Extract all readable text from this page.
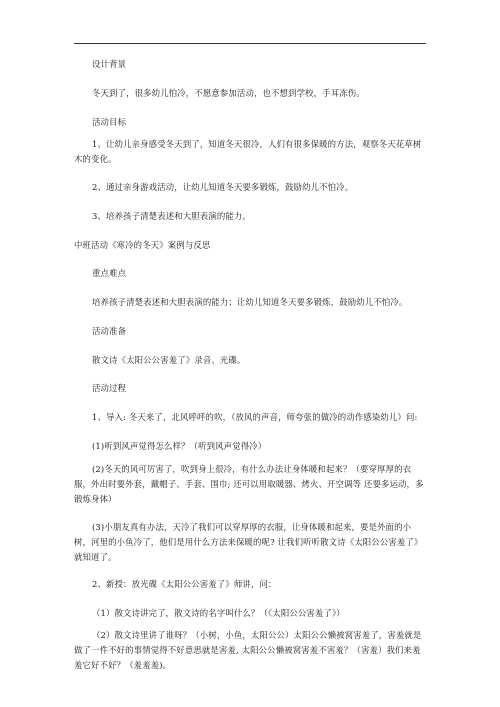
设计背景

冬天到了，很多幼儿怕冷，不愿意参加活动，也不想到学校，手耳冻伤。

活动目标

1、让幼儿亲身感受冬天到了，知道冬天很冷，人们有很多保暖的方法，观察冬天花草树木的变化。

2、通过亲身游戏活动，让幼儿知道冬天要多锻炼，鼓励幼儿不怕冷。

3、培养孩子清楚表述和大胆表演的能力。

中班活动《寒冷的冬天》案例与反思

重点难点

培养孩子清楚表述和大胆表演的能力；让幼儿知道冬天要多锻炼，鼓励幼儿不怕冷。

活动准备

散文诗《太阳公公害羞了》录音、光碟。

活动过程

1、导入: 冬天来了，北风呼呼的吹，（放风的声音，师夸张的做冷的动作感染幼儿）问:

(1)听到风声觉得怎么样？（听到风声觉得冷）

(2)冬天的风可厉害了，吹到身上很冷，有什么办法让身体暖和起来？（要穿厚厚的衣服，外出时要外套，戴帽子、手套、围巾; 还可以用取暖器、烤火、开空调等 还要多运动，多锻炼身体）

(3)小朋友真有办法，天冷了我们可以穿厚厚的衣服，让身体暖和起来，要是外面的小树，河里的小鱼冷了，他们是用什么方法来保暖的呢? 让我们听听散文诗《太阳公公害羞了》就知道了。

2、新授：放光碟《太阳公公害羞了》师讲，问：

（1）散文诗讲完了，散文诗的名字叫什么？（《太阳公公害羞了》）

（2）散文诗里讲了谁呀？（小树，小鱼，太阳公公）太阳公公懒被窝害羞了，害羞就是做了一件不好的事情觉得不好意思就是害羞, 太阳公公懒被窝害羞不害羞？（害羞）我们来羞羞它好不好？（羞羞羞)。
